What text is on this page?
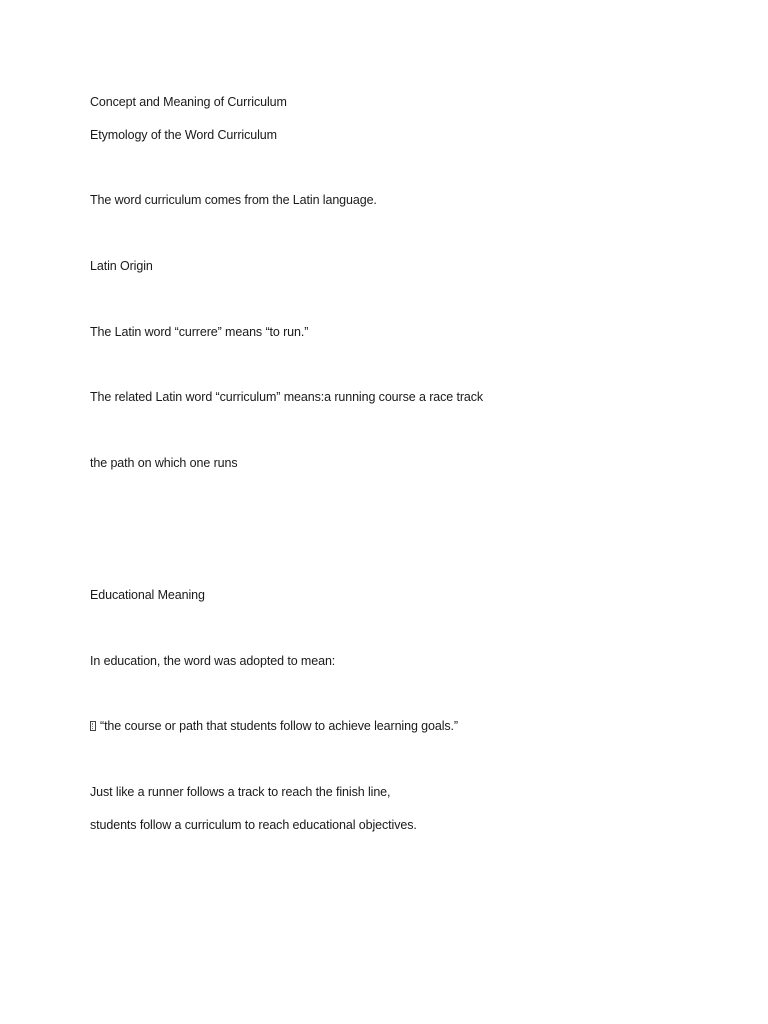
Concept and Meaning of Curriculum
Etymology of the Word Curriculum
The word curriculum comes from the Latin language.
Latin Origin
The Latin word “currere” means “to run.”
The related Latin word “curriculum” means:a running course a race track
the path on which one runs
Educational Meaning
In education, the word was adopted to mean:
“the course or path that students follow to achieve learning goals.”
Just like a runner follows a track to reach the finish line,
students follow a curriculum to reach educational objectives.
